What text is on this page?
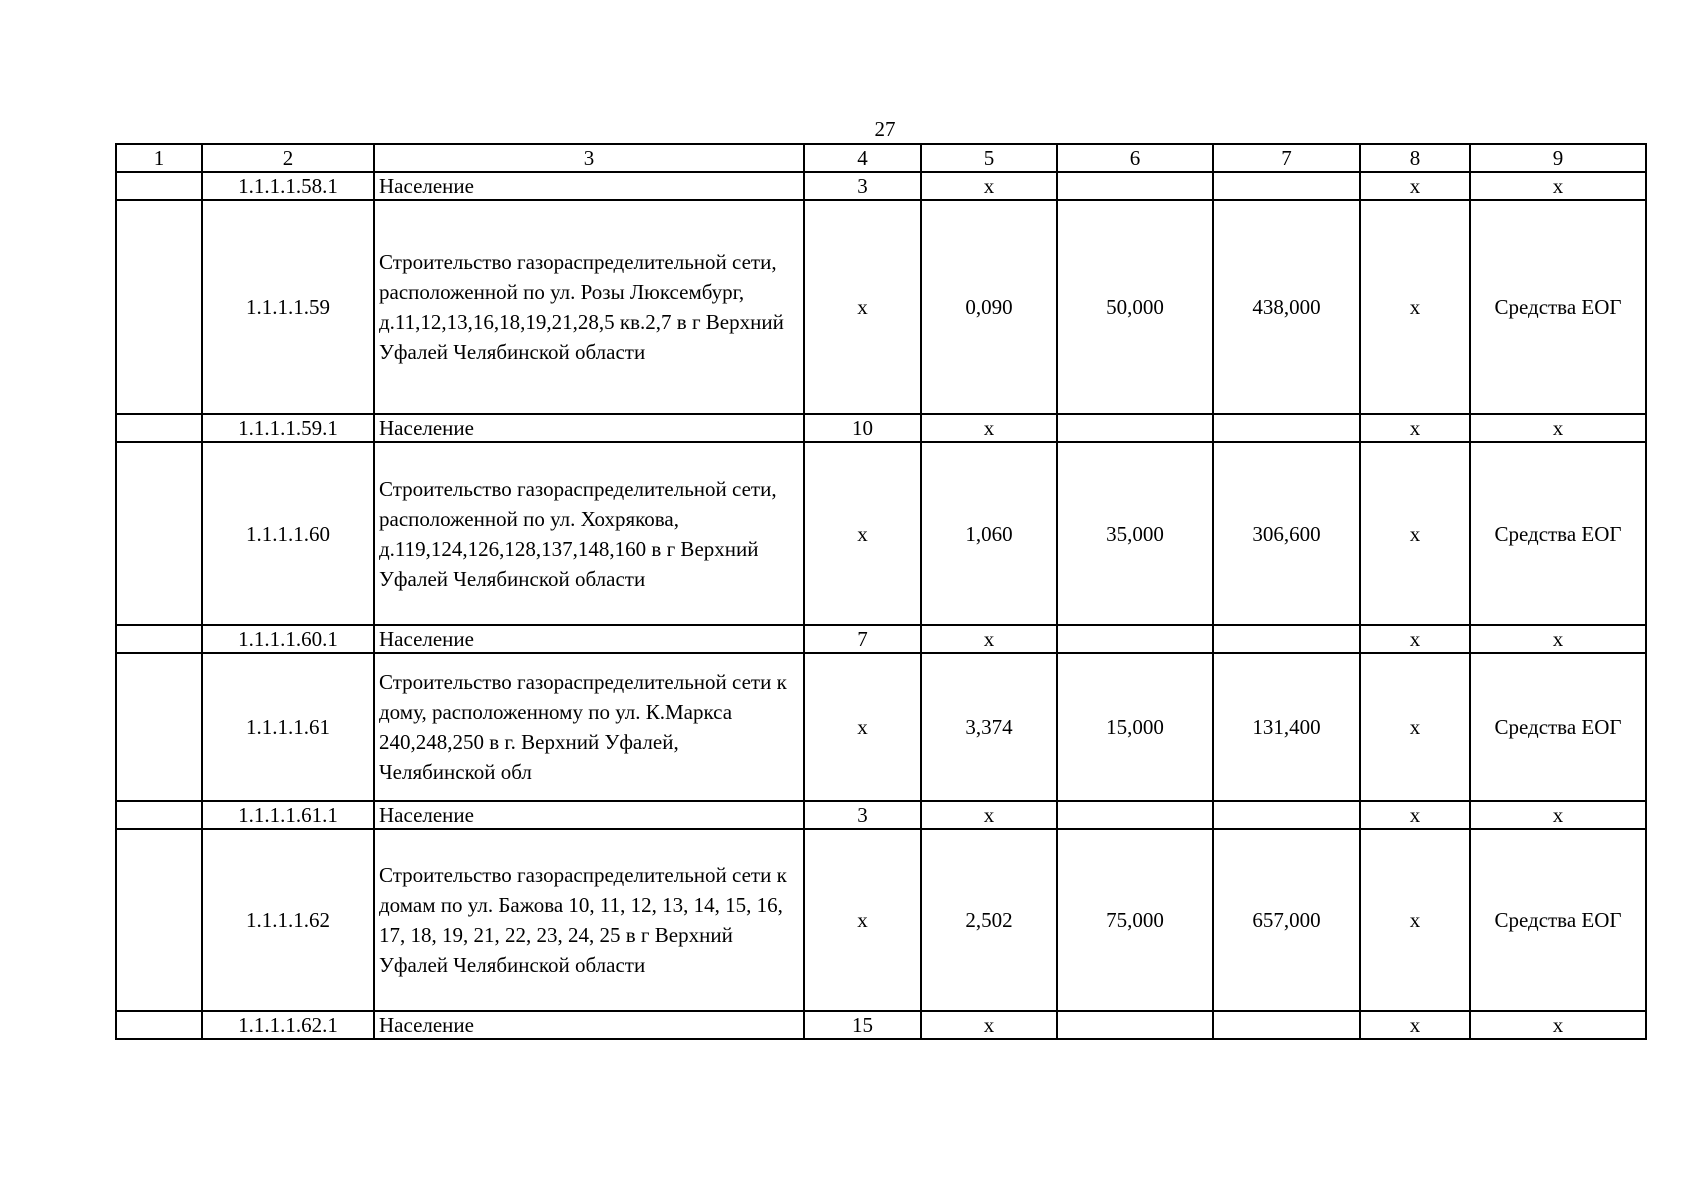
27
1	2	3	4	5	6	7	8	9
	1.1.1.1.58.1	Население	3	х			х	х
	1.1.1.1.59	Строительство газораспределительной сети, расположенной по ул. Розы Люксембург, д.11,12,13,16,18,19,21,28,5 кв.2,7 в г Верхний Уфалей Челябинской области	х	0,090	50,000	438,000	х	Средства ЕОГ
	1.1.1.1.59.1	Население	10	х			х	х
	1.1.1.1.60	Строительство газораспределительной сети, расположенной по ул. Хохрякова, д.119,124,126,128,137,148,160 в г Верхний Уфалей Челябинской области	х	1,060	35,000	306,600	х	Средства ЕОГ
	1.1.1.1.60.1	Население	7	х			х	х
	1.1.1.1.61	Строительство газораспределительной сети к дому, расположенному по ул. К.Маркса 240,248,250 в г. Верхний Уфалей, Челябинской обл	х	3,374	15,000	131,400	х	Средства ЕОГ
	1.1.1.1.61.1	Население	3	х			х	х
	1.1.1.1.62	Строительство газораспределительной сети к домам по ул. Бажова 10, 11, 12, 13, 14, 15, 16, 17, 18, 19, 21, 22, 23, 24, 25 в г Верхний Уфалей Челябинской области	х	2,502	75,000	657,000	х	Средства ЕОГ
	1.1.1.1.62.1	Население	15	х			х	х
